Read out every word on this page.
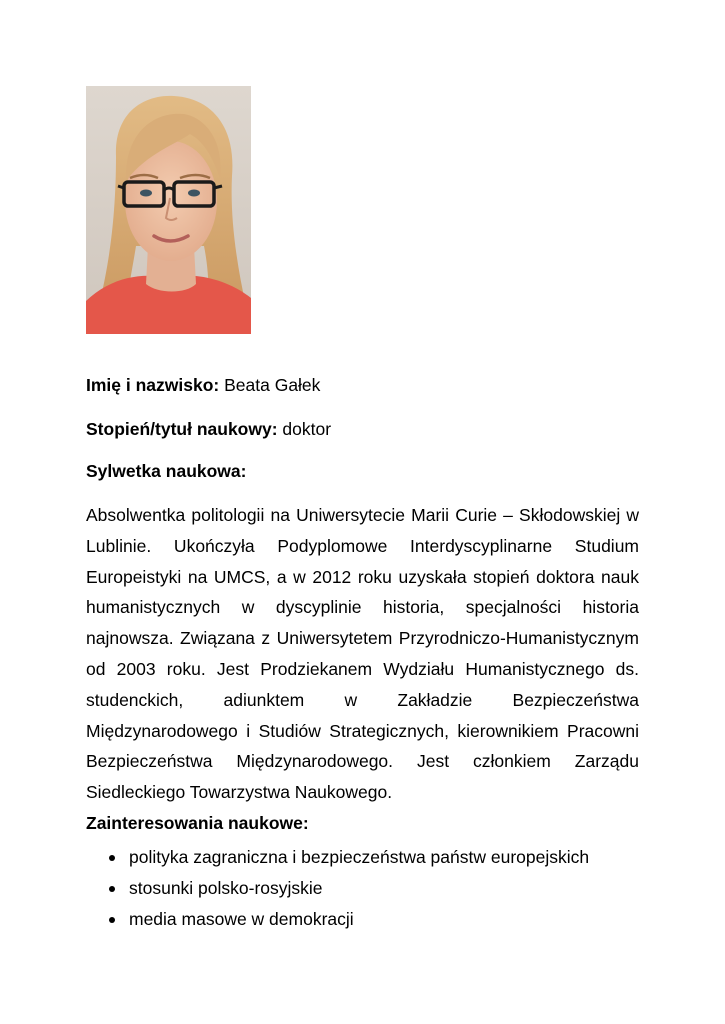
Imię i nazwisko: Beata Gałek
Stopień/tytuł naukowy: doktor
Sylwetka naukowa:

Absolwentka politologii na Uniwersytecie Marii Curie – Skłodowskiej w Lublinie. Ukończyła Podyplomowe Interdyscyplinarne Studium Europeistyki na UMCS, a w 2012 roku uzyskała stopień doktora nauk humanistycznych w dyscyplinie historia, specjalności historia najnowsza. Związana z Uniwersytetem Przyrodniczo-Humanistycznym od 2003 roku. Jest Prodziekanem Wydziału Humanistycznego ds. studenckich, adiunktem w Zakładzie Bezpieczeństwa Międzynarodowego i Studiów Strategicznych, kierownikiem Pracowni Bezpieczeństwa Międzynarodowego. Jest członkiem Zarządu Siedleckiego Towarzystwa Naukowego.

Zainteresowania naukowe:

polityka zagraniczna i bezpieczeństwa państw europejskich
stosunki polsko-rosyjskie
media masowe w demokracji
